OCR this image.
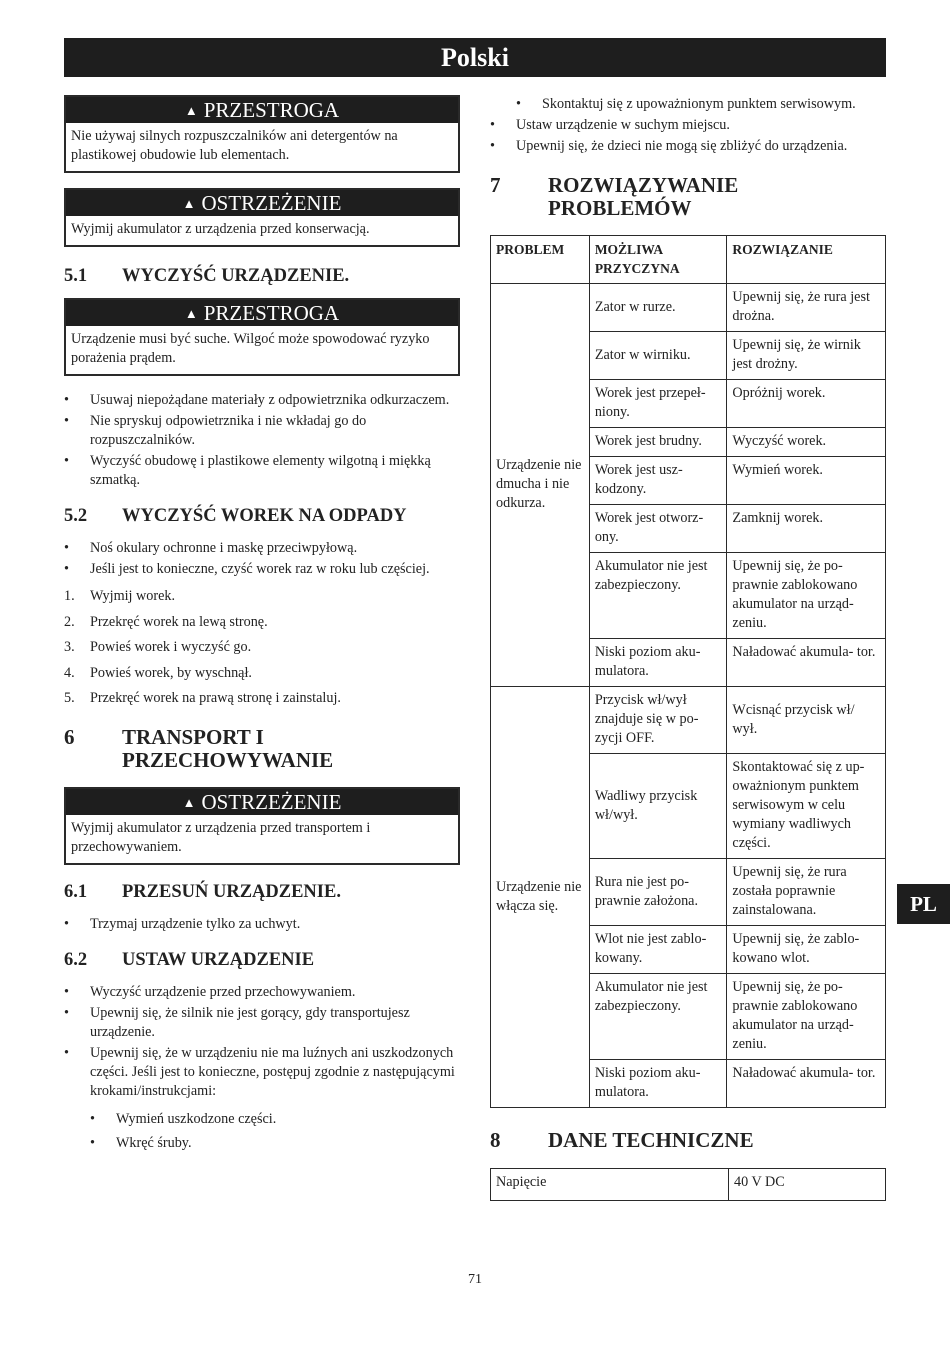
Polski
▲ PRZESTROGA
Nie używaj silnych rozpuszczalników ani detergentów na plastikowej obudowie lub elementach.
▲ OSTRZEŻENIE
Wyjmij akumulator z urządzenia przed konserwacją.
5.1	WYCZYŚĆ URZĄDZENIE.
▲ PRZESTROGA
Urządzenie musi być suche. Wilgoć może spowodować ryzyko porażenia prądem.
• Usuwaj niepożądane materiały z odpowietrznika odkurzaczem.
• Nie spryskuj odpowietrznika i nie wkładaj go do rozpuszczalników.
• Wyczyść obudowę i plastikowe elementy wilgotną i miękką szmatką.
5.2	WYCZYŚĆ WOREK NA ODPADY
• Noś okulary ochronne i maskę przeciwpyłową.
• Jeśli jest to konieczne, czyść worek raz w roku lub częściej.
1. Wyjmij worek.
2. Przekręć worek na lewą stronę.
3. Powieś worek i wyczyść go.
4. Powieś worek, by wyschnął.
5. Przekręć worek na prawą stronę i zainstaluj.
6	TRANSPORT I PRZECHOWYWANIE
▲ OSTRZEŻENIE
Wyjmij akumulator z urządzenia przed transportem i przechowywaniem.
6.1	PRZESUŃ URZĄDZENIE.
• Trzymaj urządzenie tylko za uchwyt.
6.2	USTAW URZĄDZENIE
• Wyczyść urządzenie przed przechowywaniem.
• Upewnij się, że silnik nie jest gorący, gdy transportujesz urządzenie.
• Upewnij się, że w urządzeniu nie ma luźnych ani uszkodzonych części. Jeśli jest to konieczne, postępuj zgodnie z następującymi krokami/instrukcjami:
• Wymień uszkodzone części.
• Wkręć śruby.
• Skontaktuj się z upoważnionym punktem serwisowym.
• Ustaw urządzenie w suchym miejscu.
• Upewnij się, że dzieci nie mogą się zbliżyć do urządzenia.
7	ROZWIĄZYWANIE PROBLEMÓW
PROBLEM	MOŻLIWA PRZYCZYNA	ROZWIĄZANIE
Urządzenie nie dmucha i nie odkurza.	Zator w rurze.	Upewnij się, że rura jest drożna.
	Zator w wirniku.	Upewnij się, że wirnik jest drożny.
	Worek jest przepeł- niony.	Opróżnij worek.
	Worek jest brudny.	Wyczyść worek.
	Worek jest usz- kodzony.	Wymień worek.
	Worek jest otworz- ony.	Zamknij worek.
	Akumulator nie jest zabezpieczony.	Upewnij się, że po- prawnie zablokowano akumulator na urząd- zeniu.
	Niski poziom aku- mulatora.	Naładować akumula- tor.
Urządzenie nie włącza się.	Przycisk wł/wył znajduje się w po- zycji OFF.	Wcisnąć przycisk wł/ wył.
	Wadliwy przycisk wł/wył.	Skontaktować się z up- oważnionym punktem serwisowym w celu wymiany wadliwych części.
	Rura nie jest po- prawnie założona.	Upewnij się, że rura została poprawnie zainstalowana.
	Wlot nie jest zablo- kowany.	Upewnij się, że zablo- kowano wlot.
	Akumulator nie jest zabezpieczony.	Upewnij się, że po- prawnie zablokowano akumulator na urząd- zeniu.
	Niski poziom aku- mulatora.	Naładować akumula- tor.
8	DANE TECHNICZNE
Napięcie	40 V DC
PL
71
